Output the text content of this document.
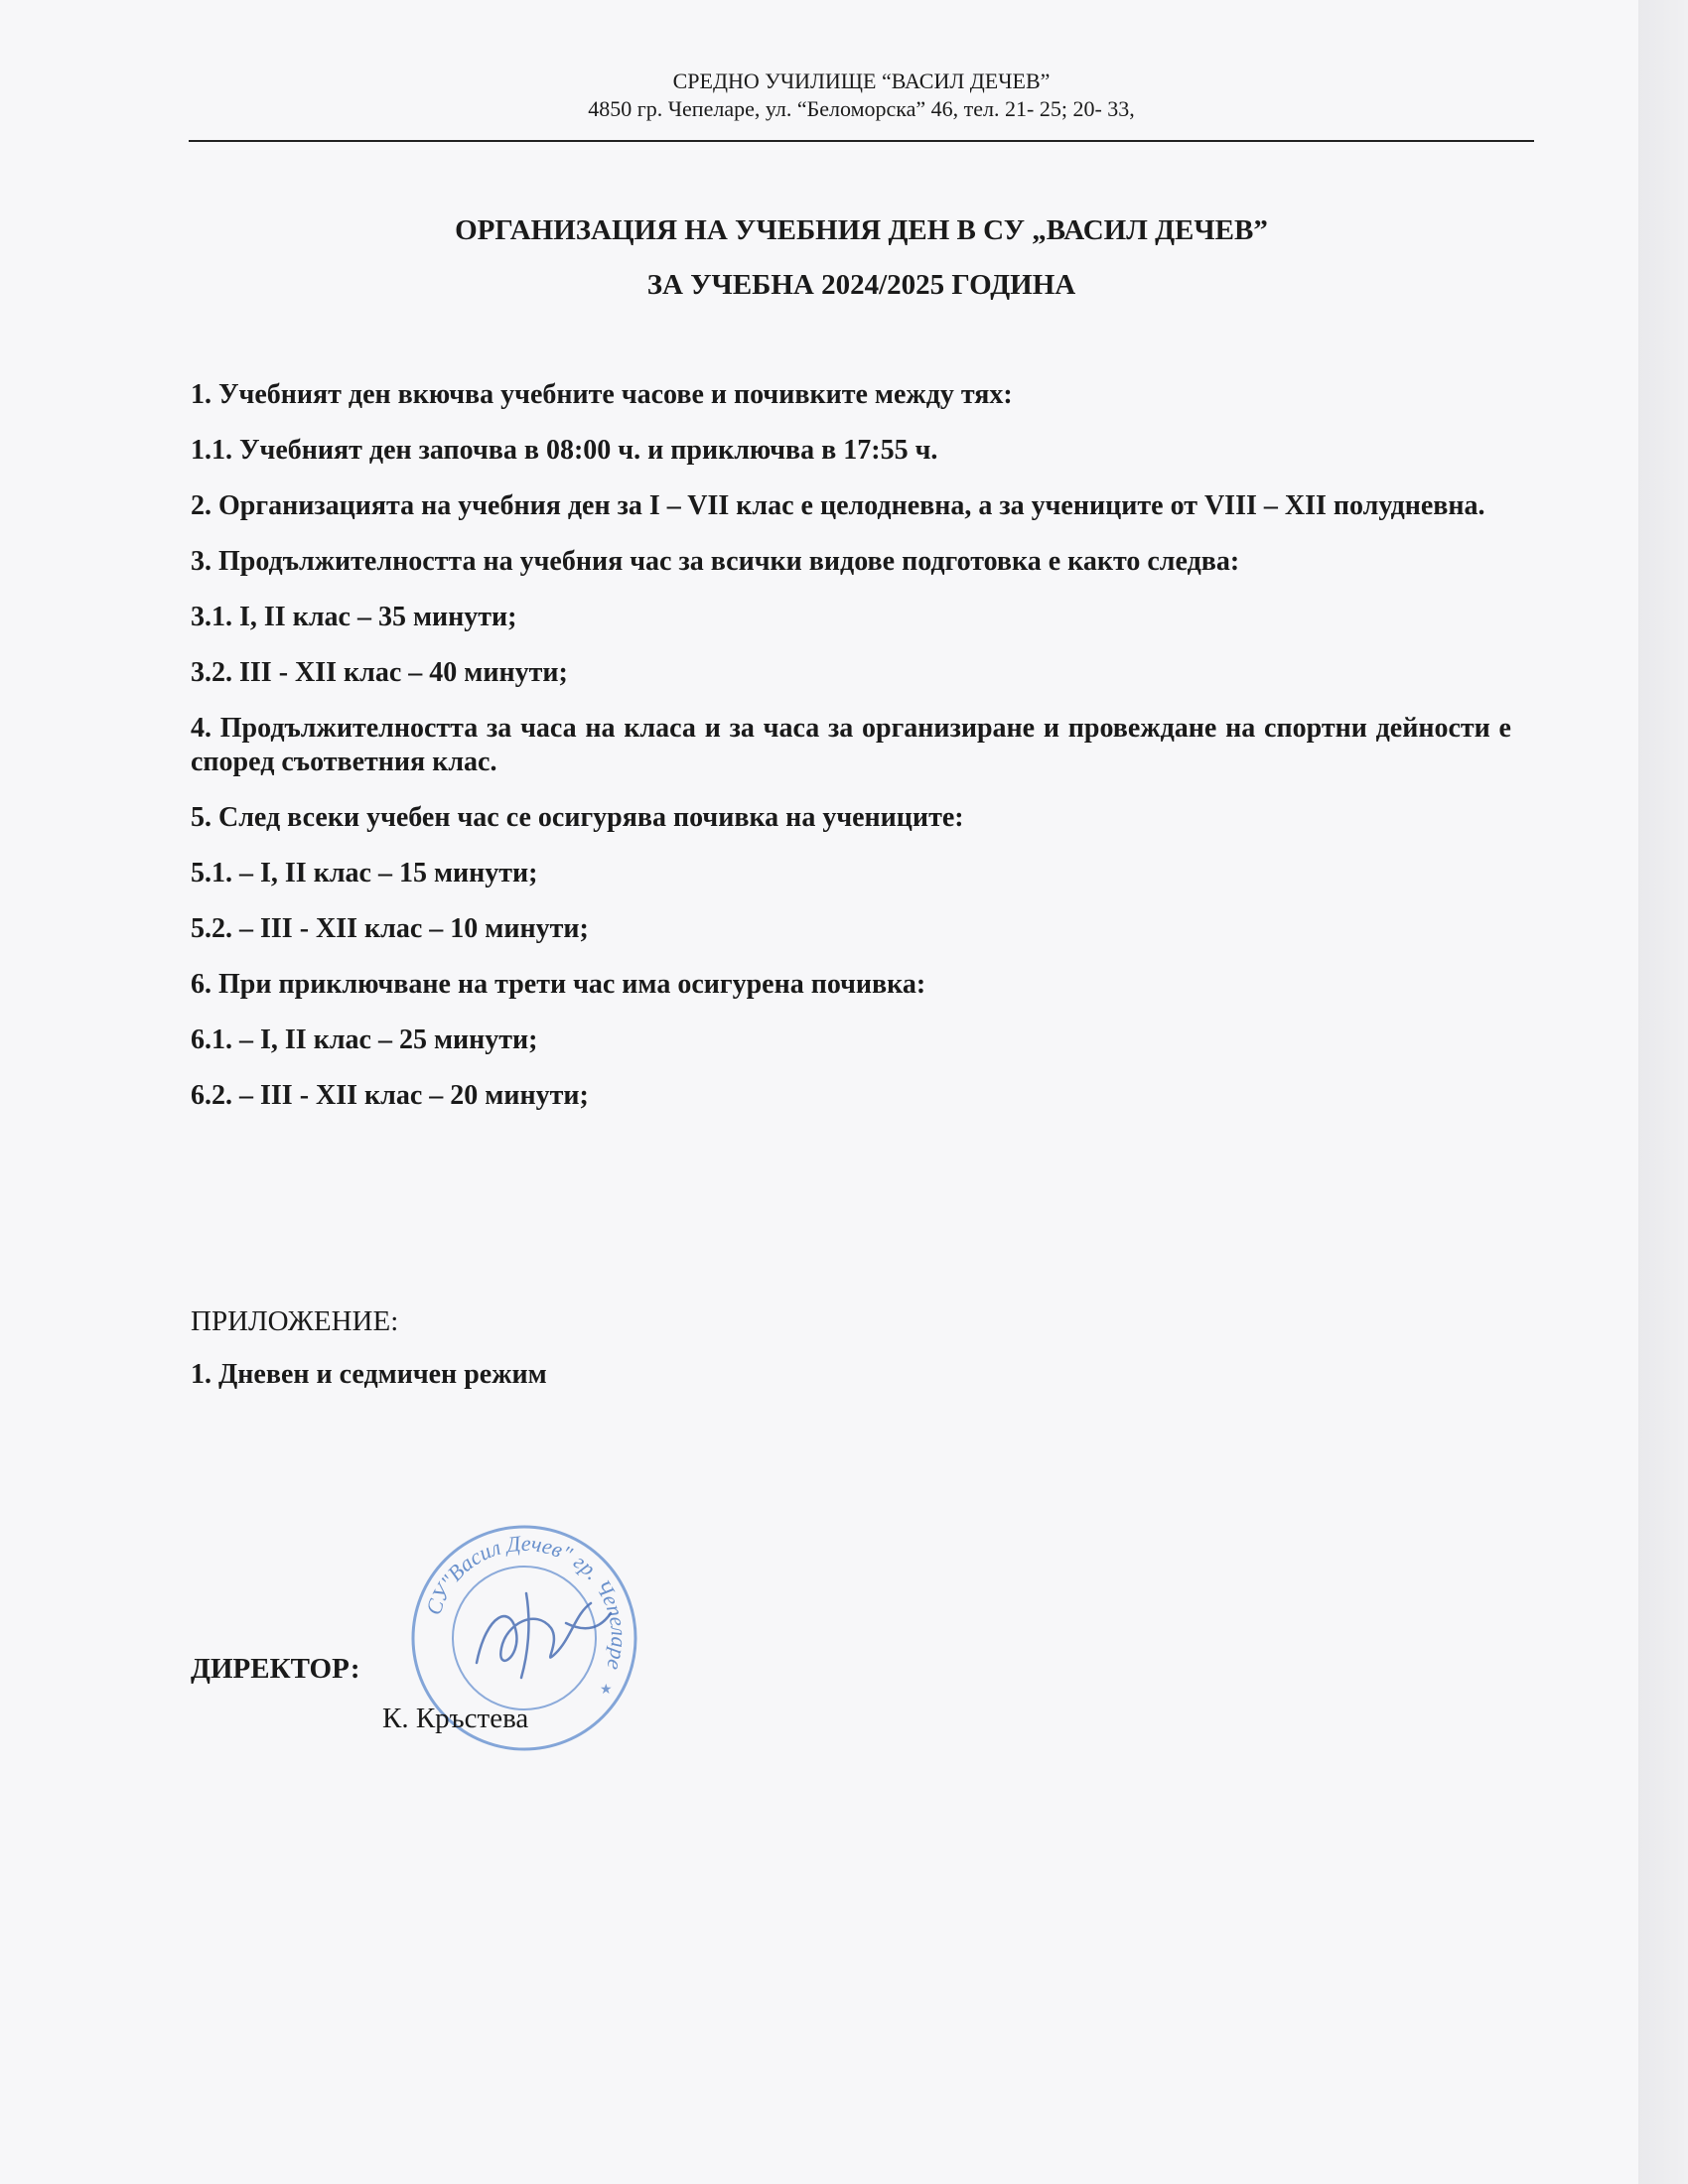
СРЕДНО УЧИЛИЩЕ “ВАСИЛ ДЕЧЕВ”
4850 гр. Чепеларе, ул. “Беломорска” 46, тел. 21- 25; 20- 33,
ОРГАНИЗАЦИЯ НА УЧЕБНИЯ ДЕН В СУ „ВАСИЛ ДЕЧЕВ”
ЗА УЧЕБНА 2024/2025 ГОДИНА

1. Учебният ден вкючва учебните часове и почивките между тях:

1.1. Учебният ден започва в 08:00 ч. и приключва в 17:55 ч.

2. Организацията на учебния ден за I – VII клас е целодневна, а за учениците от VIII – XII полудневна.

3. Продължителността на учебния час за всички видове подготовка е както следва:

3.1. I, II клас – 35 минути;

3.2. III - XII клас – 40 минути;

4. Продължителността за часа на класа и за часа за организиране и провеждане на спортни дейности е според съответния клас.

5. След всеки учебен час се осигурява почивка на учениците:

5.1. – I, II клас – 15 минути;

5.2. – III - XII клас – 10 минути;

6. При приключване на трети час има осигурена почивка:

6.1. – I, II клас – 25 минути;

6.2. – III - XII клас – 20 минути;

ПРИЛОЖЕНИЕ:

1. Дневен и седмичен режим

СУ"Васил Дечев" гр. Чепеларе
★
ДИРЕКТОР:
К. Кръстева
